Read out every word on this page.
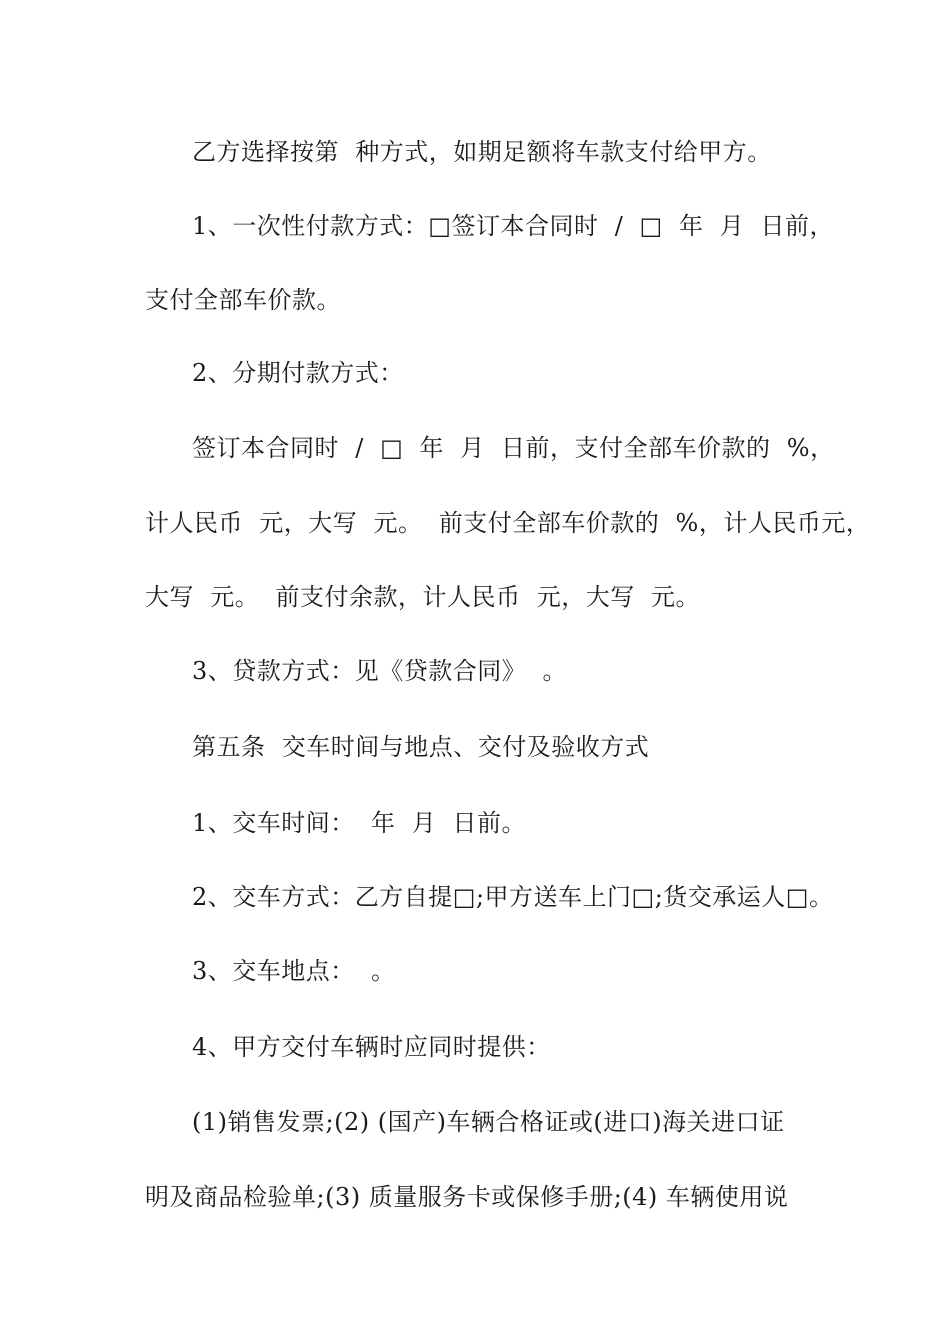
乙方选择按第  种方式，如期足额将车款支付给甲方。

1、一次性付款方式：□签订本合同时  /  □  年  月  日前，

支付全部车价款。

2、分期付款方式：

签订本合同时  /  □  年  月  日前，支付全部车价款的  %，

计人民币  元，大写  元。  前支付全部车价款的  %，计人民币元，

大写  元。  前支付余款，计人民币  元，大写  元。

3、贷款方式：见《贷款合同》  。

第五条  交车时间与地点、交付及验收方式

1、交车时间：  年  月  日前。

2、交车方式：乙方自提□;甲方送车上门□;货交承运人□。

3、交车地点：  。

4、甲方交付车辆时应同时提供：

(1)销售发票;(2) (国产)车辆合格证或(进口)海关进口证

明及商品检验单;(3) 质量服务卡或保修手册;(4) 车辆使用说
